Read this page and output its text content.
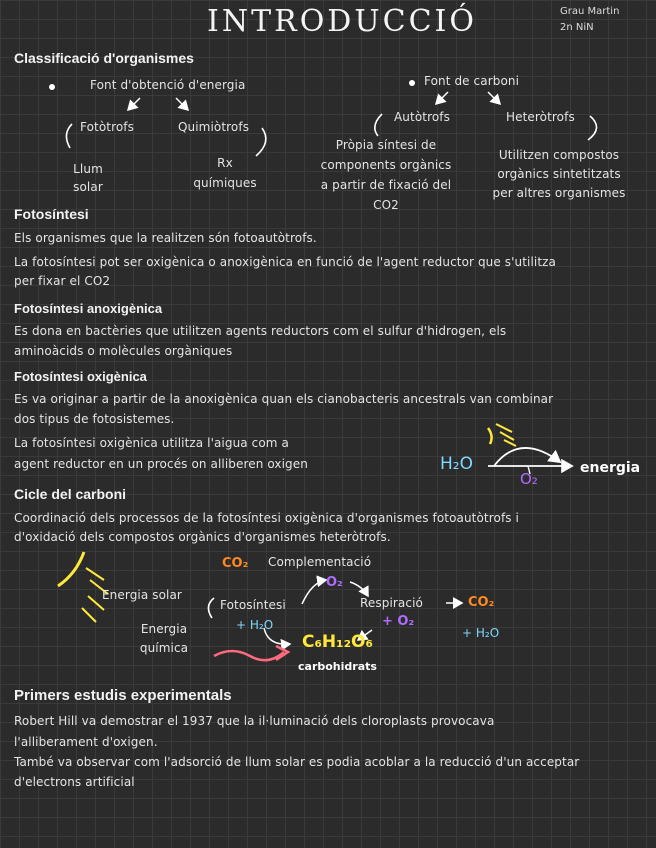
INTRODUCCIÓ	Grau Martin
2n NiN
Classificació d'organismes
Font d'obtenció d'energia
Fotòtrofs	Quimiòtrofs
Llum
solar
Rx
químiques
Font de carboni
Autòtrofs	Heteròtrofs
Pròpia síntesi de
components orgànics
a partir de fixació del
CO2
Utilitzen compostos
orgànics sintetitzats
per altres organismes
Fotosíntesi
Els organismes que la realitzen són fotoautòtrofs.
La fotosíntesi pot ser oxigènica o anoxigènica en funció de l'agent reductor que s'utilitza
per fixar el CO2
Fotosíntesi anoxigènica
Es dona en bactèries que utilitzen agents reductors com el sulfur d'hidrogen, els
aminoàcids o molècules orgàniques
Fotosíntesi oxigènica
Es va originar a partir de la anoxigènica quan els cianobacteris ancestrals van combinar
dos tipus de fotosistemes.
La fotosíntesi oxigènica utilitza l'aigua com a
agent reductor en un procés on alliberen oxigen	H₂O
O₂
energia
Cicle del carboni
Coordinació dels processos de la fotosíntesi oxigènica d'organismes fotoautòtrofs i
d'oxidació dels compostos orgànics d'organismes heteròtrofs.
CO₂ Complementació
O₂
Energia solar
Fotosíntesi	Respiració	CO₂
+ H₂O	+ O₂
+ H₂O
Energia
química	C₆H₁₂O₆
carbohidrats
Primers estudis experimentals
Robert Hill va demostrar el 1937 que la il·luminació dels cloroplasts provocava
l'alliberament d'oxigen.
També va observar com l'adsorció de llum solar es podia acoblar a la reducció d'un acceptar
d'electrons artificial
